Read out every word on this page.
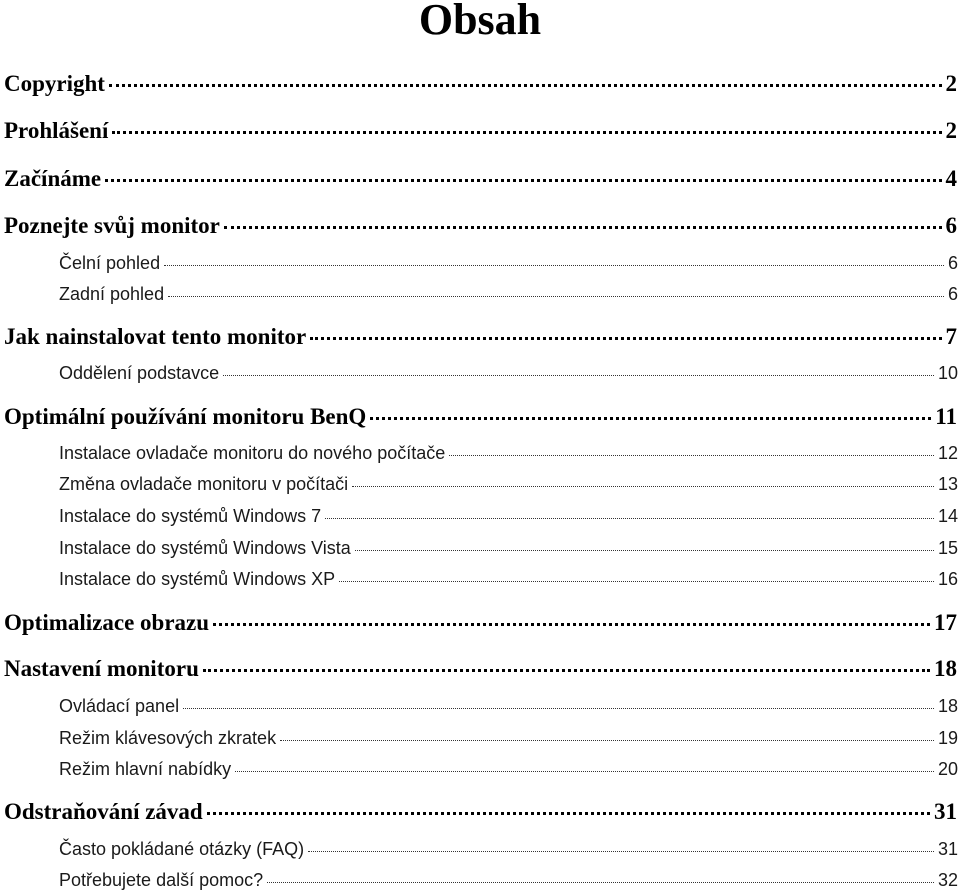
Obsah
Copyright	2
Prohlášení	2
Začínáme	4
Poznejte svůj monitor	6
Čelní pohled	6
Zadní pohled	6
Jak nainstalovat tento monitor	7
Oddělení podstavce	10
Optimální používání monitoru BenQ	11
Instalace ovladače monitoru do nového počítače	12
Změna ovladače monitoru v počítači	13
Instalace do systémů Windows 7	14
Instalace do systémů Windows Vista	15
Instalace do systémů Windows XP	16
Optimalizace obrazu	17
Nastavení monitoru	18
Ovládací panel	18
Režim klávesových zkratek	19
Režim hlavní nabídky	20
Odstraňování závad	31
Často pokládané otázky (FAQ)	31
Potřebujete další pomoc?	32
